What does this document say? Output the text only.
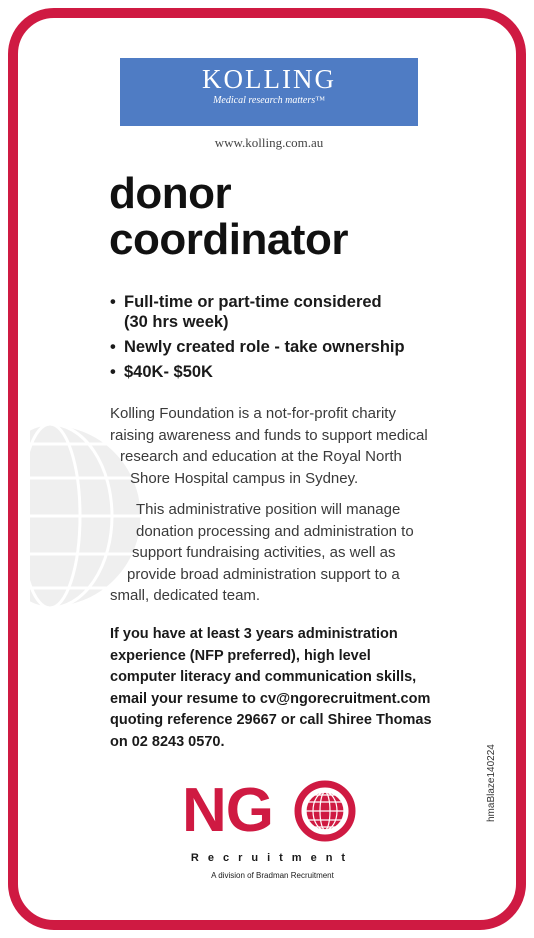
KOLLING
Medical research matters™
www.kolling.com.au
donor
coordinator
• Full-time or part-time considered
(30 hrs week)
• Newly created role - take ownership
• $40K- $50K
Kolling Foundation is a not-for-profit charity
raising awareness and funds to support medical
research and education at the Royal North
Shore Hospital campus in Sydney.
This administrative position will manage
donation processing and administration to
support fundraising activities, as well as
provide broad administration support to a
small, dedicated team.
If you have at least 3 years administration
experience (NFP preferred), high level
computer literacy and communication skills,
email your resume to cv@ngorecruitment.com
quoting reference 29667 or call Shiree Thomas
on 02 8243 0570.
NG
Recruitment
A division of Bradman Recruitment
hmaBlaze140224
